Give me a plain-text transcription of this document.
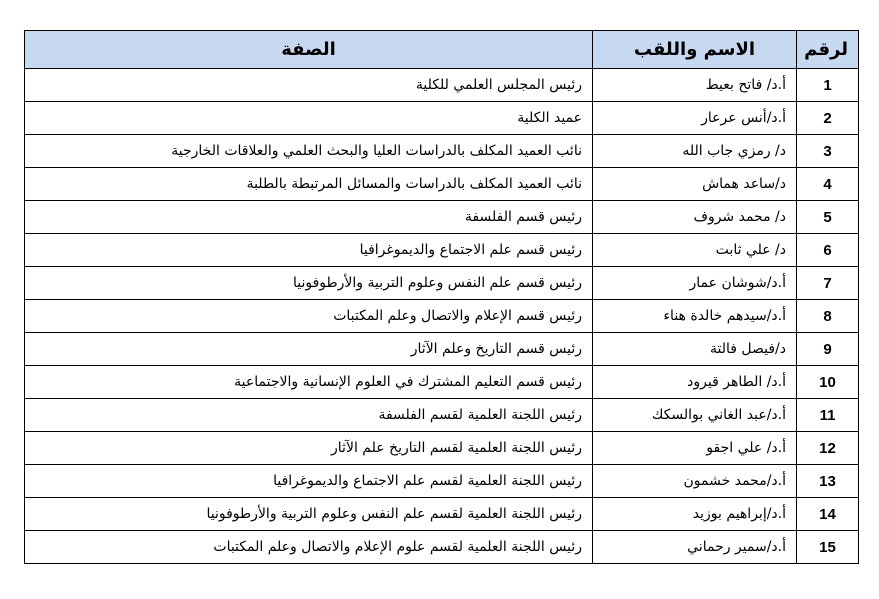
لرقم	الاسم واللقب	الصفة
1	أ.د/ فاتح بعيط	رئيس المجلس العلمي للكلية
2	أ.د/أنس عرعار	عميد الكلية
3	د/ رمزي جاب الله	نائب العميد المكلف بالدراسات العليا والبحث العلمي والعلاقات الخارجية
4	د/ساعد هماش	نائب العميد المكلف بالدراسات والمسائل المرتبطة بالطلبة
5	د/ محمد شروف	رئيس قسم الفلسفة
6	د/ علي ثابت	رئيس قسم علم الاجتماع والديموغرافيا
7	أ.د/شوشان عمار	رئيس قسم علم النفس وعلوم التربية والأرطوفونيا
8	أ.د/سيدهم خالدة هناء	رئيس قسم الإعلام والاتصال وعلم المكتبات
9	د/فيصل فالتة	رئيس قسم التاريخ وعلم الآثار
10	أ.د/ الطاهر قيرود	رئيس قسم التعليم المشترك في العلوم الإنسانية والاجتماعية
11	أ.د/عبد الغاني بوالسكك	رئيس اللجنة العلمية لقسم الفلسفة
12	أ.د/ علي اجقو	رئيس اللجنة العلمية لقسم التاريخ علم الآثار
13	أ.د/محمد خشمون	رئيس اللجنة العلمية لقسم علم الاجتماع والديموغرافيا
14	أ.د/إبراهيم بوزيد	رئيس اللجنة العلمية لقسم علم النفس وعلوم التربية والأرطوفونيا
15	أ.د/سمير رحماني	رئيس اللجنة العلمية لقسم علوم الإعلام والاتصال وعلم المكتبات
